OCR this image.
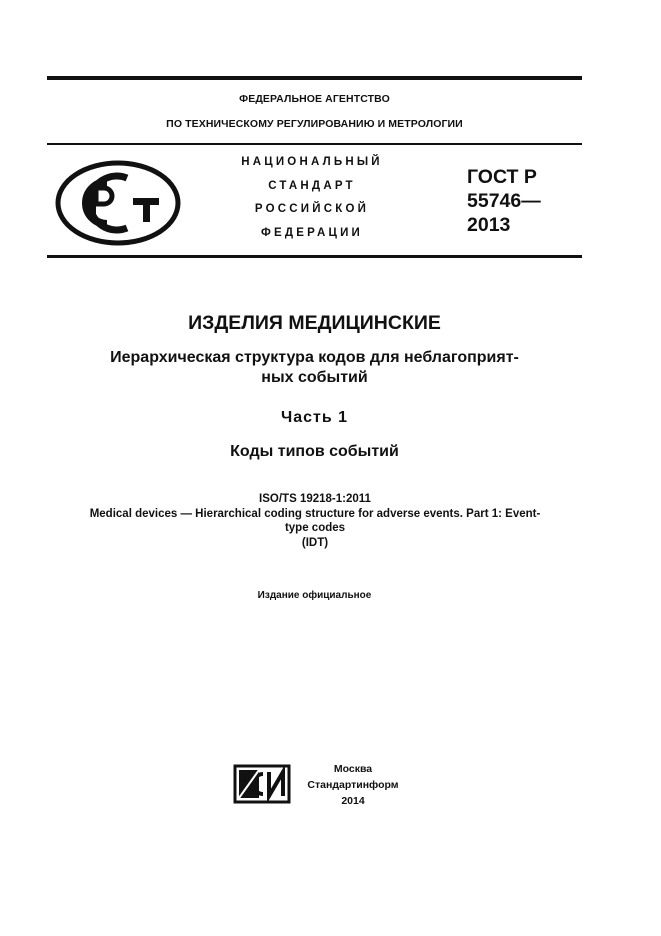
ФЕДЕРАЛЬНОЕ АГЕНТСТВО
ПО ТЕХНИЧЕСКОМУ РЕГУЛИРОВАНИЮ И МЕТРОЛОГИИ
НАЦИОНАЛЬНЫЙ
СТАНДАРТ
РОССИЙСКОЙ
ФЕДЕРАЦИИ
ГОСТ Р
55746—
2013
ИЗДЕЛИЯ МЕДИЦИНСКИЕ
Иерархическая структура кодов для неблагоприят-
ных событий
Часть 1
Коды типов событий
ISO/TS 19218-1:2011
Medical devices — Hierarchical coding structure for adverse events. Part 1: Event-
type codes
(IDT)
Издание официальное
Москва
Стандартинформ
2014
